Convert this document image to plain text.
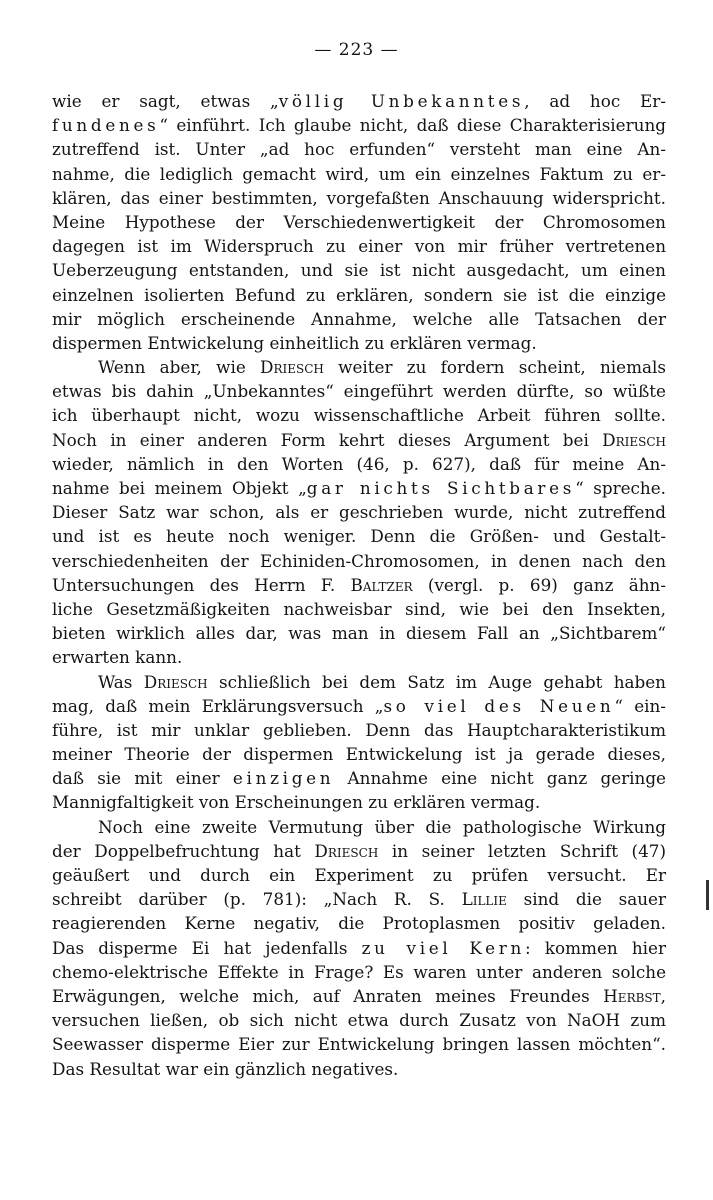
— 223 —
wie er sagt, etwas „völlig Unbekanntes, ad hoc Er-
fundenes“ einführt. Ich glaube nicht, daß diese Charakterisierung
zutreffend ist. Unter „ad hoc erfunden“ versteht man eine An-
nahme, die lediglich gemacht wird, um ein einzelnes Faktum zu er-
klären, das einer bestimmten, vorgefaßten Anschauung widerspricht.
Meine Hypothese der Verschiedenwertigkeit der Chromosomen
dagegen ist im Widerspruch zu einer von mir früher vertretenen
Ueberzeugung entstanden, und sie ist nicht ausgedacht, um einen
einzelnen isolierten Befund zu erklären, sondern sie ist die einzige
mir möglich erscheinende Annahme, welche alle Tatsachen der
dispermen Entwickelung einheitlich zu erklären vermag.
Wenn aber, wie Driesch weiter zu fordern scheint, niemals
etwas bis dahin „Unbekanntes“ eingeführt werden dürfte, so wüßte
ich überhaupt nicht, wozu wissenschaftliche Arbeit führen sollte.
Noch in einer anderen Form kehrt dieses Argument bei Driesch
wieder, nämlich in den Worten (46, p. 627), daß für meine An-
nahme bei meinem Objekt „gar nichts Sichtbares“ spreche.
Dieser Satz war schon, als er geschrieben wurde, nicht zutreffend
und ist es heute noch weniger. Denn die Größen- und Gestalt-
verschiedenheiten der Echiniden-Chromosomen, in denen nach den
Untersuchungen des Herrn F. Baltzer (vergl. p. 69) ganz ähn-
liche Gesetzmäßigkeiten nachweisbar sind, wie bei den Insekten,
bieten wirklich alles dar, was man in diesem Fall an „Sichtbarem“
erwarten kann.
Was Driesch schließlich bei dem Satz im Auge gehabt haben
mag, daß mein Erklärungsversuch „so viel des Neuen“ ein-
führe, ist mir unklar geblieben. Denn das Hauptcharakteristikum
meiner Theorie der dispermen Entwickelung ist ja gerade dieses,
daß sie mit einer einzigen Annahme eine nicht ganz geringe
Mannigfaltigkeit von Erscheinungen zu erklären vermag.
Noch eine zweite Vermutung über die pathologische Wirkung
der Doppelbefruchtung hat Driesch in seiner letzten Schrift (47)
geäußert und durch ein Experiment zu prüfen versucht. Er
schreibt darüber (p. 781): „Nach R. S. Lillie sind die sauer
reagierenden Kerne negativ, die Protoplasmen positiv geladen.
Das disperme Ei hat jedenfalls zu viel Kern: kommen hier
chemo-elektrische Effekte in Frage? Es waren unter anderen solche
Erwägungen, welche mich, auf Anraten meines Freundes Herbst,
versuchen ließen, ob sich nicht etwa durch Zusatz von NaOH zum
Seewasser disperme Eier zur Entwickelung bringen lassen möchten“.
Das Resultat war ein gänzlich negatives.
